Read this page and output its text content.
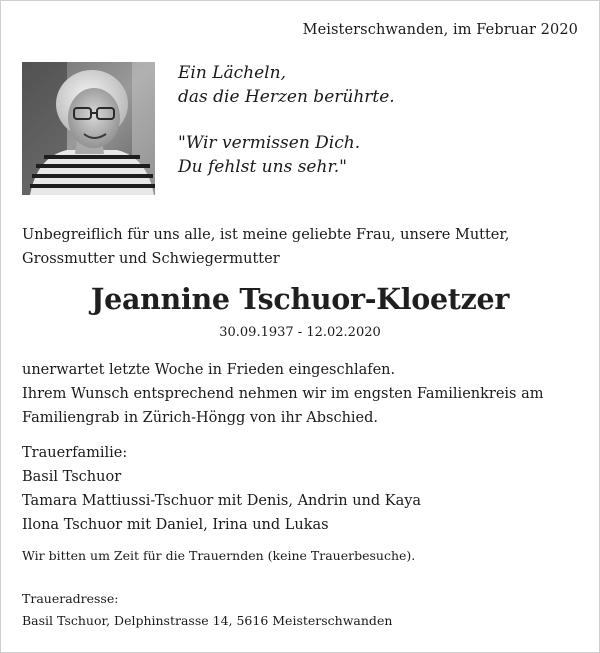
Meisterschwanden, im Februar 2020
Ein Lächeln,
das die Herzen berührte.
"Wir vermissen Dich.
Du fehlst uns sehr."
Unbegreiflich für uns alle, ist meine geliebte Frau, unsere Mutter,
Grossmutter und Schwiegermutter
Jeannine Tschuor-Kloetzer
30.09.1937 - 12.02.2020
unerwartet letzte Woche in Frieden eingeschlafen.
Ihrem Wunsch entsprechend nehmen wir im engsten Familienkreis am
Familiengrab in Zürich-Höngg von ihr Abschied.
Trauerfamilie:
Basil Tschuor
Tamara Mattiussi-Tschuor mit Denis, Andrin und Kaya
Ilona Tschuor mit Daniel, Irina und Lukas
Wir bitten um Zeit für die Trauernden (keine Trauerbesuche).
Traueradresse:
Basil Tschuor, Delphinstrasse 14, 5616 Meisterschwanden
